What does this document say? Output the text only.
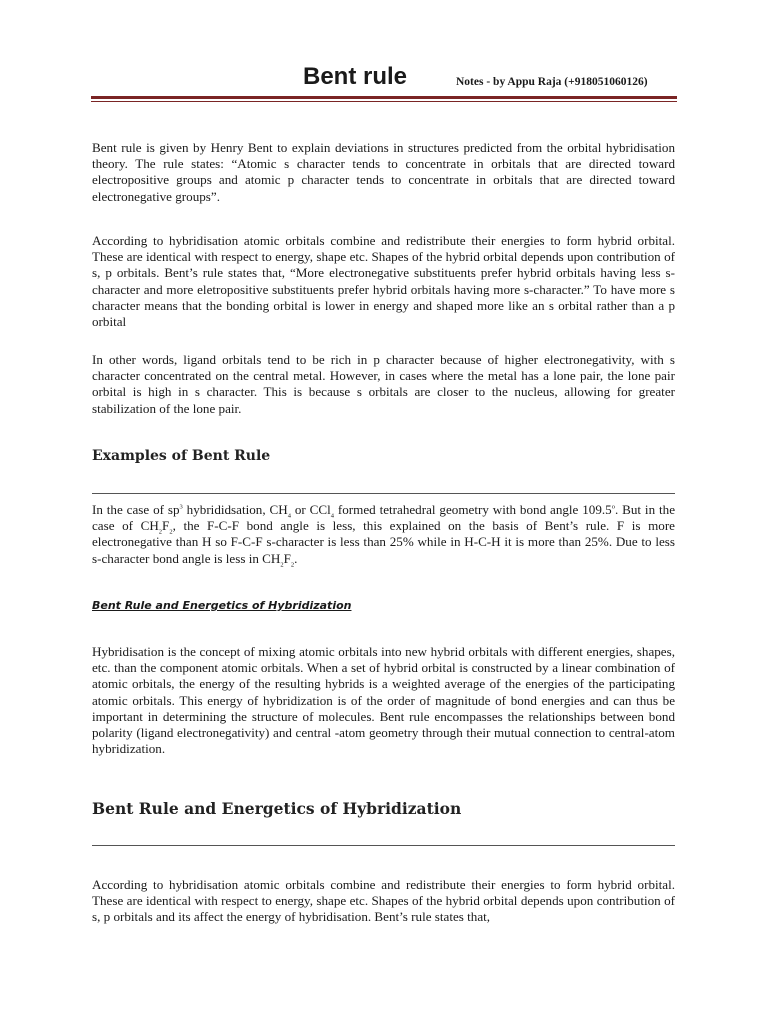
Bent rule	Notes - by Appu Raja (+918051060126)

Bent rule is given by Henry Bent to explain deviations in structures predicted from the orbital hybridisation theory. The rule states: “Atomic s character tends to concentrate in orbitals that are directed toward electropositive groups and atomic p character tends to concentrate in orbitals that are directed toward electronegative groups”.

According to hybridisation atomic orbitals combine and redistribute their energies to form hybrid orbital. These are identical with respect to energy, shape etc. Shapes of the hybrid orbital depends upon contribution of s, p orbitals. Bent’s rule states that, “More electronegative substituents prefer hybrid orbitals having less s-character and more eletropositive substituents prefer hybrid orbitals having more s-character.” To have more s character means that the bonding orbital is lower in energy and shaped more like an s orbital rather than a p orbital

In other words, ligand orbitals tend to be rich in p character because of higher electronegativity, with s character concentrated on the central metal. However, in cases where the metal has a lone pair, the lone pair orbital is high in s character. This is because s orbitals are closer to the nucleus, allowing for greater stabilization of the lone pair.

Examples of Bent Rule

In the case of $sp^3$ hybrididsation, $CH_4$ or CCl$_4$ formed tetrahedral geometry with bond angle 109.5$^o$. But in the case of $CH_2F_2$, the F-C-F bond angle is less, this explained on the basis of Bent’s rule. F is more electronegative than H so F-C-F s-character is less than 25% while in H-C-H it is more than 25%. Due to less s-character bond angle is less in $CH_2F_2$.

Bent Rule and Energetics of Hybridization

Hybridisation is the concept of mixing atomic orbitals into new hybrid orbitals with different energies, shapes, etc. than the component atomic orbitals. When a set of hybrid orbital is constructed by a linear combination of atomic orbitals, the energy of the resulting hybrids is a weighted average of the energies of the participating atomic orbitals. This energy of hybridization is of the order of magnitude of bond energies and can thus be important in determining the structure of molecules. Bent rule encompasses the relationships between bond polarity (ligand electronegativity) and central -atom geometry through their mutual connection to central-atom hybridization.

Bent Rule and Energetics of Hybridization

According to hybridisation atomic orbitals combine and redistribute their energies to form hybrid orbital. These are identical with respect to energy, shape etc. Shapes of the hybrid orbital depends upon contribution of s, p orbitals and its affect the energy of hybridisation. Bent’s rule states that,
